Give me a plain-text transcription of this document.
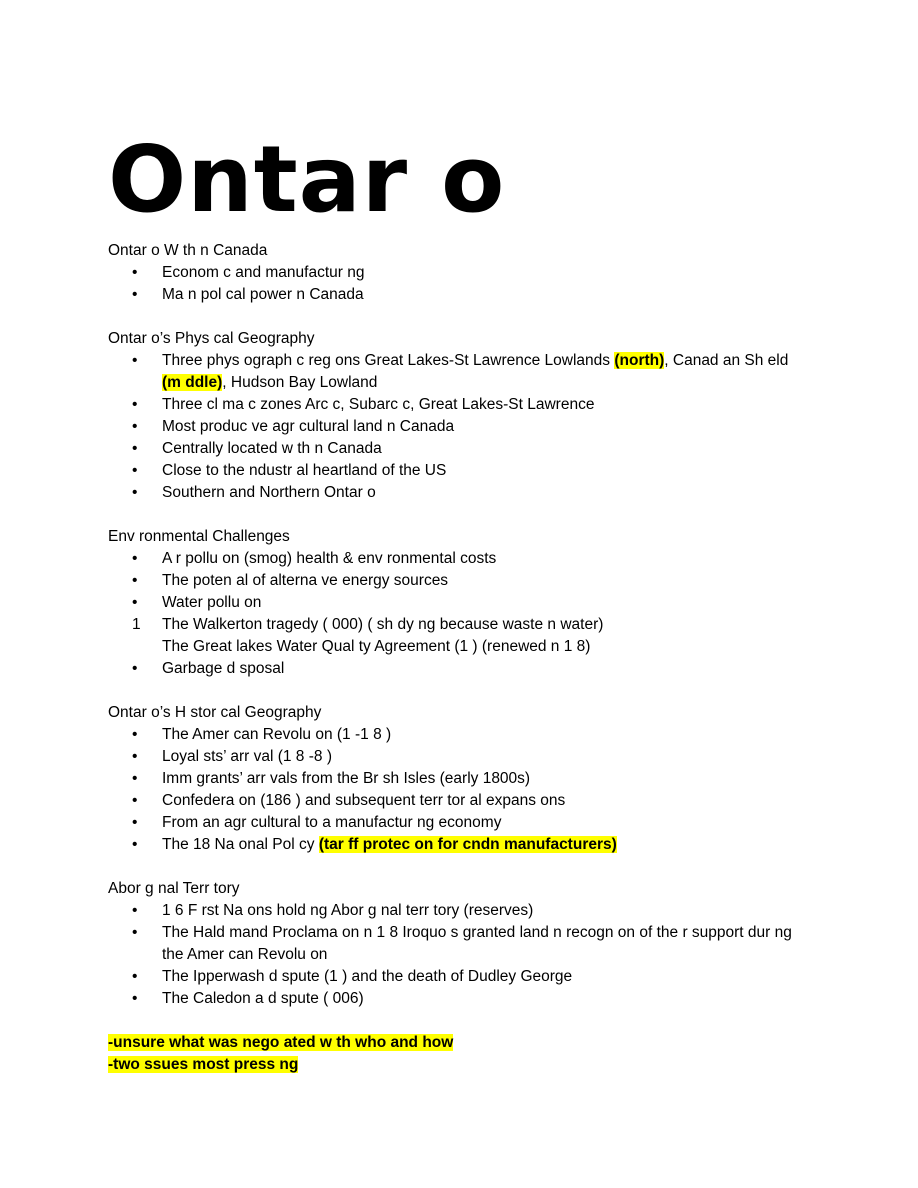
Ontar o

Ontar o W th n Canada

•	Econom c and manufactur ng
•	Ma n pol cal power n Canada

Ontar o’s Phys cal Geography

•	Three phys ograph c reg ons Great Lakes-St Lawrence Lowlands (north), Canad an Sh eld (m ddle), Hudson Bay Lowland
•	Three cl ma c zones Arc c, Subarc c, Great Lakes-St Lawrence
•	Most produc ve agr cultural land n Canada
•	Centrally located w th n Canada
•	Close to the ndustr al heartland of the US
•	Southern and Northern Ontar o

Env ronmental Challenges

•	A r pollu on (smog) health & env ronmental costs
•	The poten al of alterna ve energy sources
•	Water pollu on
1	The Walkerton tragedy ( 000) ( sh dy ng because waste n water)
The Great lakes Water Qual ty Agreement (1 ) (renewed n 1 8)
•	Garbage d sposal

Ontar o’s H stor cal Geography

•	The Amer can Revolu on (1 -1 8 )
•	Loyal sts’ arr val (1 8 -8 )
•	Imm grants’ arr vals from the Br sh Isles (early 1800s)
•	Confedera on (186 ) and subsequent terr tor al expans ons
•	From an agr cultural to a manufactur ng economy
•	The 18 Na onal Pol cy (tar ff protec on for cndn manufacturers)

Abor g nal Terr tory

•	1 6 F rst Na ons hold ng Abor g nal terr tory (reserves)
•	The Hald mand Proclama on n 1 8 Iroquo s granted land n recogn on of the r support dur ng the Amer can Revolu on
•	The Ipperwash d spute (1 ) and the death of Dudley George
•	The Caledon a d spute ( 006)

-unsure what was nego ated w th who and how

-two ssues most press ng
